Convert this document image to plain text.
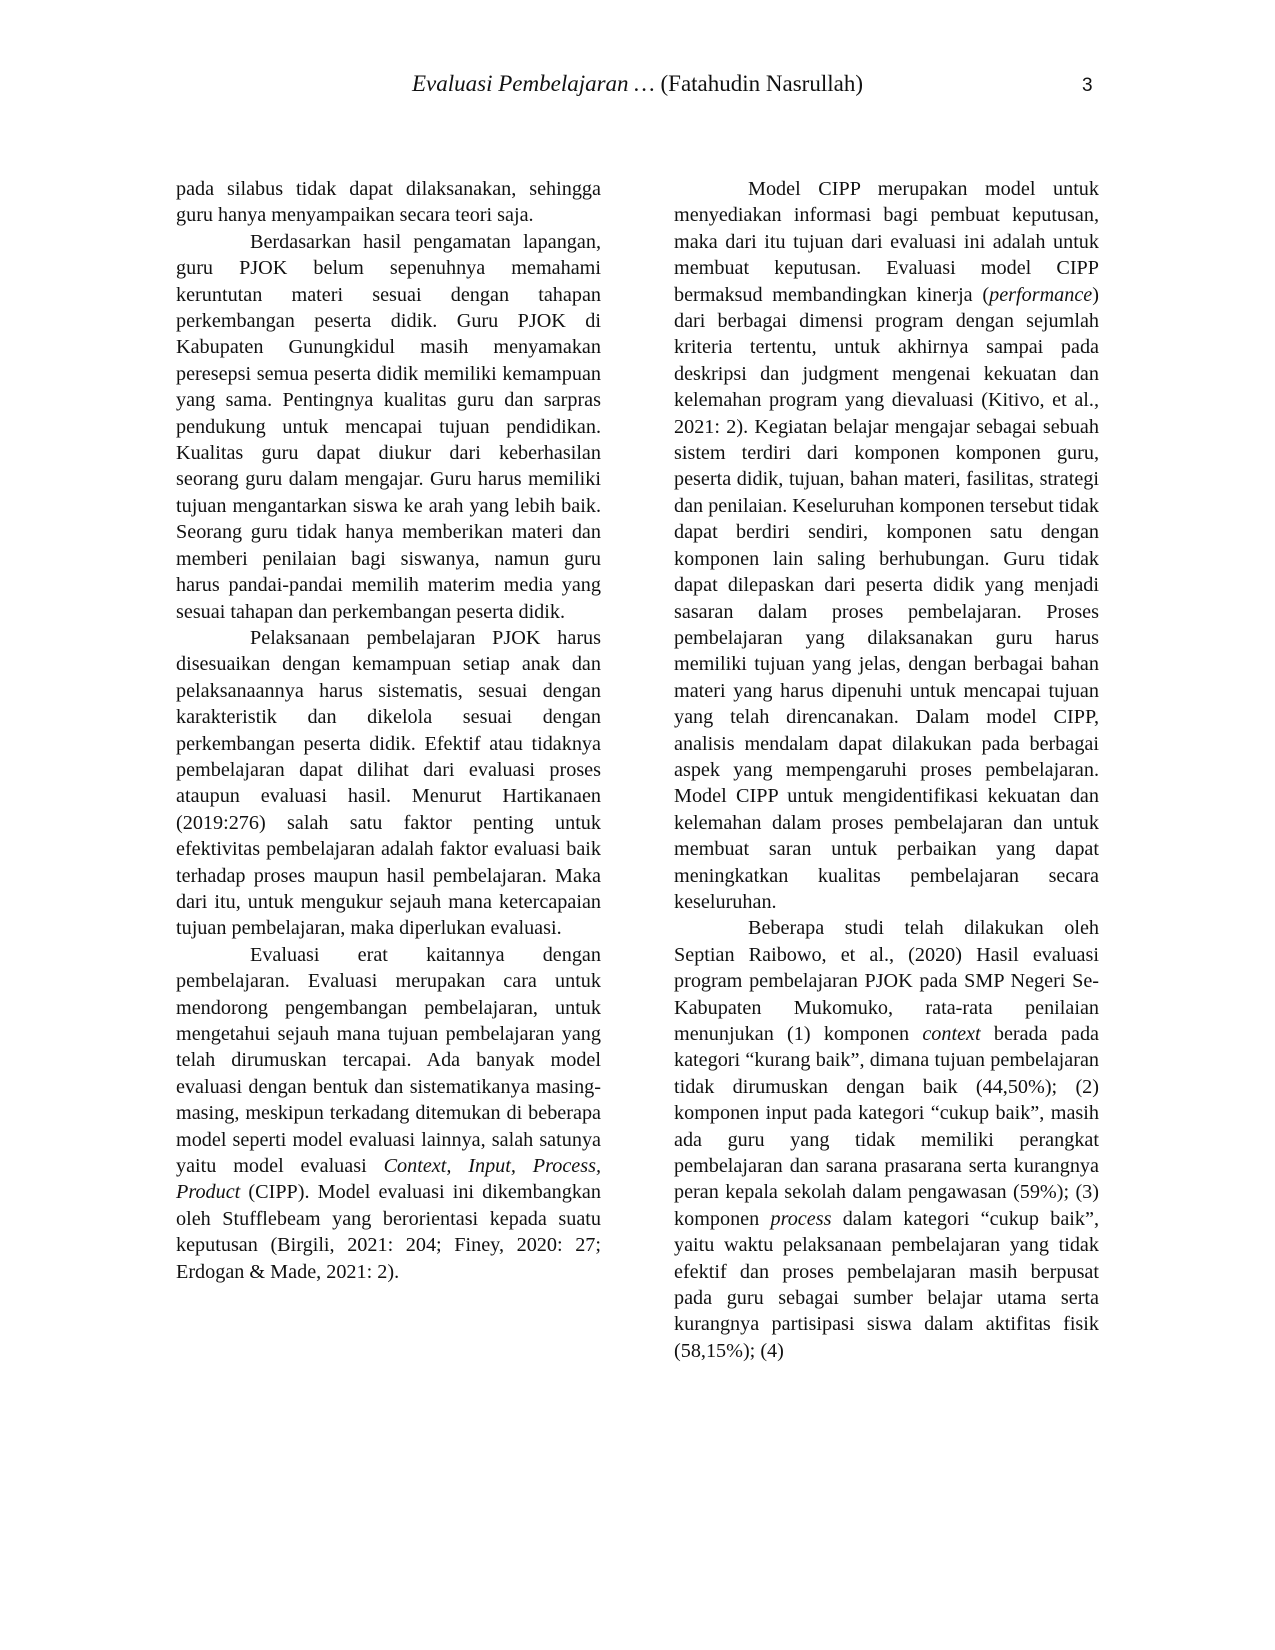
Evaluasi Pembelajaran … (Fatahudin Nasrullah)	3

pada silabus tidak dapat dilaksanakan, sehingga guru hanya menyampaikan secara teori saja.

Berdasarkan hasil pengamatan lapangan, guru PJOK belum sepenuhnya memahami keruntutan materi sesuai dengan tahapan perkembangan peserta didik. Guru PJOK di Kabupaten Gunungkidul masih menyamakan peresepsi semua peserta didik memiliki kemampuan yang sama. Pentingnya kualitas guru dan sarpras pendukung untuk mencapai tujuan pendidikan. Kualitas guru dapat diukur dari keberhasilan seorang guru dalam mengajar. Guru harus memiliki tujuan mengantarkan siswa ke arah yang lebih baik. Seorang guru tidak hanya memberikan materi dan memberi penilaian bagi siswanya, namun guru harus pandai-pandai memilih materim media yang sesuai tahapan dan perkembangan peserta didik.

Pelaksanaan pembelajaran PJOK harus disesuaikan dengan kemampuan setiap anak dan pelaksanaannya harus sistematis, sesuai dengan karakteristik dan dikelola sesuai dengan perkembangan peserta didik. Efektif atau tidaknya pembelajaran dapat dilihat dari evaluasi proses ataupun evaluasi hasil. Menurut Hartikanaen (2019:276) salah satu faktor penting untuk efektivitas pembelajaran adalah faktor evaluasi baik terhadap proses maupun hasil pembelajaran. Maka dari itu, untuk mengukur sejauh mana ketercapaian tujuan pembelajaran, maka diperlukan evaluasi.

Evaluasi erat kaitannya dengan pembelajaran. Evaluasi merupakan cara untuk mendorong pengembangan pembelajaran, untuk mengetahui sejauh mana tujuan pembelajaran yang telah dirumuskan tercapai. Ada banyak model evaluasi dengan bentuk dan sistematikanya masing-masing, meskipun terkadang ditemukan di beberapa model seperti model evaluasi lainnya, salah satunya yaitu model evaluasi Context, Input, Process, Product (CIPP). Model evaluasi ini dikembangkan oleh Stufflebeam yang berorientasi kepada suatu keputusan (Birgili, 2021: 204; Finey, 2020: 27; Erdogan & Made, 2021: 2).

Model CIPP merupakan model untuk menyediakan informasi bagi pembuat keputusan, maka dari itu tujuan dari evaluasi ini adalah untuk membuat keputusan. Evaluasi model CIPP bermaksud membandingkan kinerja (performance) dari berbagai dimensi program dengan sejumlah kriteria tertentu, untuk akhirnya sampai pada deskripsi dan judgment mengenai kekuatan dan kelemahan program yang dievaluasi (Kitivo, et al., 2021: 2). Kegiatan belajar mengajar sebagai sebuah sistem terdiri dari komponen komponen guru, peserta didik, tujuan, bahan materi, fasilitas, strategi dan penilaian. Keseluruhan komponen tersebut tidak dapat berdiri sendiri, komponen satu dengan komponen lain saling berhubungan. Guru tidak dapat dilepaskan dari peserta didik yang menjadi sasaran dalam proses pembelajaran. Proses pembelajaran yang dilaksanakan guru harus memiliki tujuan yang jelas, dengan berbagai bahan materi yang harus dipenuhi untuk mencapai tujuan yang telah direncanakan. Dalam model CIPP, analisis mendalam dapat dilakukan pada berbagai aspek yang mempengaruhi proses pembelajaran. Model CIPP untuk mengidentifikasi kekuatan dan kelemahan dalam proses pembelajaran dan untuk membuat saran untuk perbaikan yang dapat meningkatkan kualitas pembelajaran secara keseluruhan.

Beberapa studi telah dilakukan oleh Septian Raibowo, et al., (2020) Hasil evaluasi program pembelajaran PJOK pada SMP Negeri Se-Kabupaten Mukomuko, rata-rata penilaian menunjukan (1) komponen context berada pada kategori “kurang baik”, dimana tujuan pembelajaran tidak dirumuskan dengan baik (44,50%); (2) komponen input pada kategori “cukup baik”, masih ada guru yang tidak memiliki perangkat pembelajaran dan sarana prasarana serta kurangnya peran kepala sekolah dalam pengawasan (59%); (3) komponen process dalam kategori “cukup baik”, yaitu waktu pelaksanaan pembelajaran yang tidak efektif dan proses pembelajaran masih berpusat pada guru sebagai sumber belajar utama serta kurangnya partisipasi siswa dalam aktifitas fisik (58,15%); (4)
